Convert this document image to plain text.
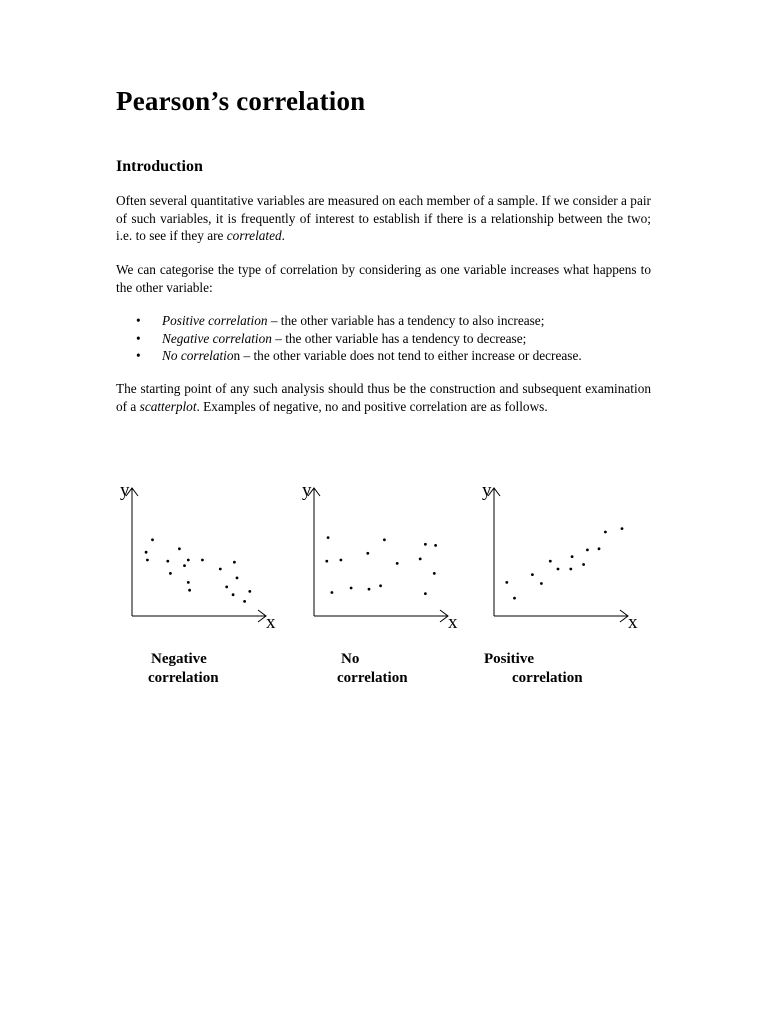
Pearson’s correlation
Introduction

Often several quantitative variables are measured on each member of a sample. If we consider a pair of such variables, it is frequently of interest to establish if there is a relationship between the two; i.e. to see if they are correlated.

We can categorise the type of correlation by considering as one variable increases what happens to the other variable:

• Positive correlation – the other variable has a tendency to also increase;
• Negative correlation – the other variable has a tendency to decrease;
• No correlation – the other variable does not tend to either increase or decrease.

The starting point of any such analysis should thus be the construction and subsequent examination of a scatterplot. Examples of negative, no and positive correlation are as follows.

y
x
y
x
y
x
Negative
correlation
No
correlation
Positive
correlation
